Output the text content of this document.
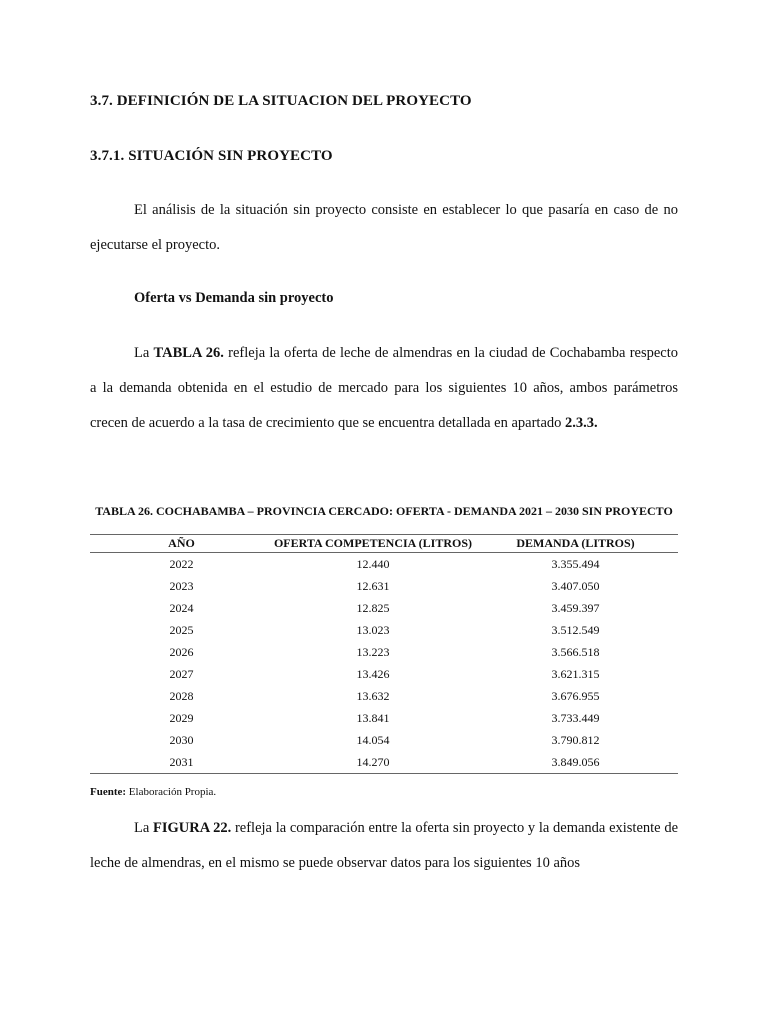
3.7. DEFINICIÓN DE LA SITUACION DEL PROYECTO
3.7.1. SITUACIÓN SIN PROYECTO
El análisis de la situación sin proyecto consiste en establecer lo que pasaría en caso de no ejecutarse el proyecto.
Oferta vs Demanda sin proyecto
La TABLA 26. refleja la oferta de leche de almendras en la ciudad de Cochabamba respecto a la demanda obtenida en el estudio de mercado para los siguientes 10 años, ambos parámetros crecen de acuerdo a la tasa de crecimiento que se encuentra detallada en apartado 2.3.3.
TABLA 26. COCHABAMBA – PROVINCIA CERCADO: OFERTA - DEMANDA 2021 – 2030 SIN PROYECTO
AÑO	OFERTA COMPETENCIA (LITROS)	DEMANDA (LITROS)
2022	12.440	3.355.494
2023	12.631	3.407.050
2024	12.825	3.459.397
2025	13.023	3.512.549
2026	13.223	3.566.518
2027	13.426	3.621.315
2028	13.632	3.676.955
2029	13.841	3.733.449
2030	14.054	3.790.812
2031	14.270	3.849.056
Fuente: Elaboración Propia.
La FIGURA 22. refleja la comparación entre la oferta sin proyecto y la demanda existente de leche de almendras, en el mismo se puede observar datos para los siguientes 10 años
